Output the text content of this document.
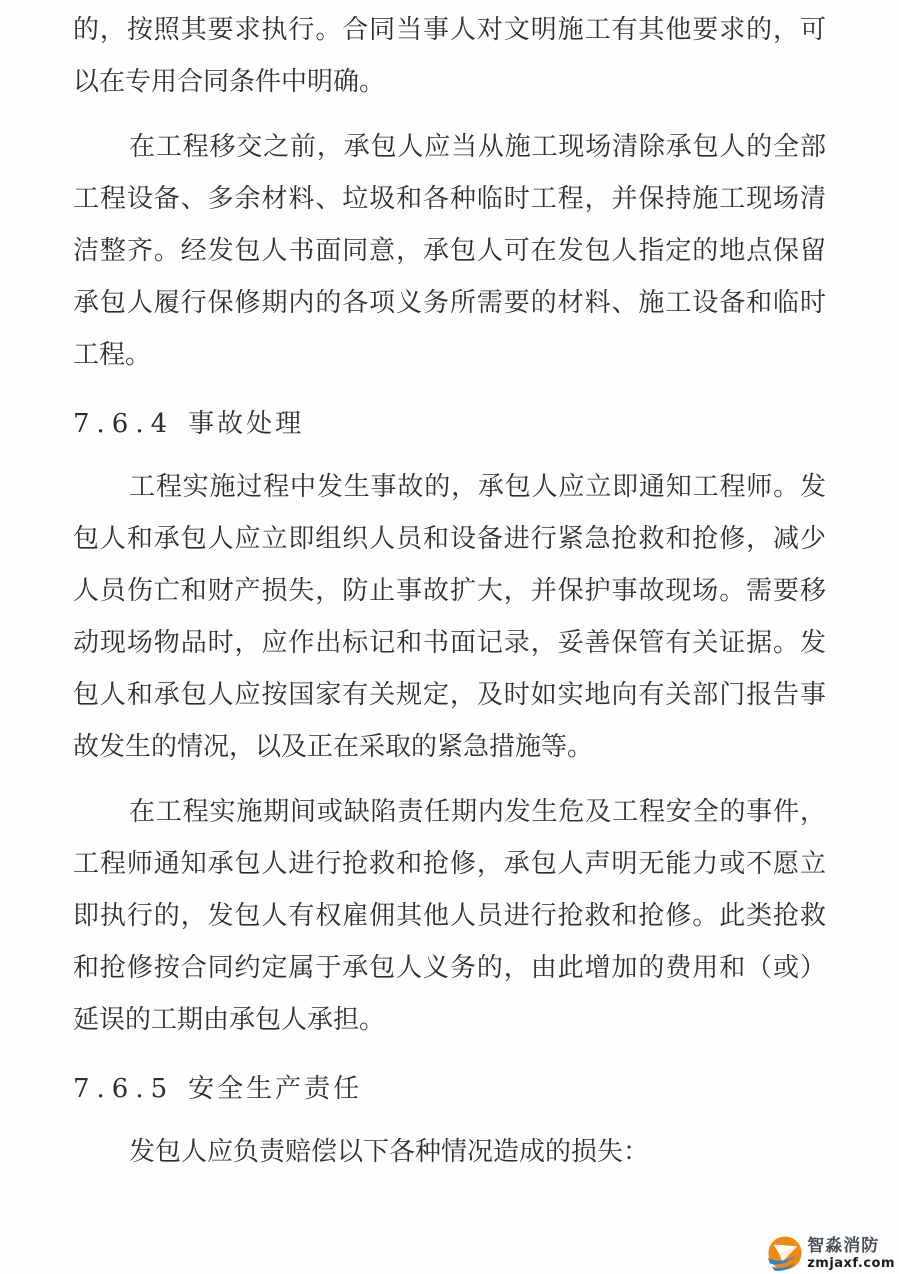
的，按照其要求执行。合同当事人对文明施工有其他要求的，可
以在专用合同条件中明确。
在工程移交之前，承包人应当从施工现场清除承包人的全部
工程设备、多余材料、垃圾和各种临时工程，并保持施工现场清
洁整齐。经发包人书面同意，承包人可在发包人指定的地点保留
承包人履行保修期内的各项义务所需要的材料、施工设备和临时
工程。
7.6.4 事故处理
工程实施过程中发生事故的，承包人应立即通知工程师。发
包人和承包人应立即组织人员和设备进行紧急抢救和抢修，减少
人员伤亡和财产损失，防止事故扩大，并保护事故现场。需要移
动现场物品时，应作出标记和书面记录，妥善保管有关证据。发
包人和承包人应按国家有关规定，及时如实地向有关部门报告事
故发生的情况，以及正在采取的紧急措施等。
在工程实施期间或缺陷责任期内发生危及工程安全的事件，
工程师通知承包人进行抢救和抢修，承包人声明无能力或不愿立
即执行的，发包人有权雇佣其他人员进行抢救和抢修。此类抢救
和抢修按合同约定属于承包人义务的，由此增加的费用和（或）
延误的工期由承包人承担。
7.6.5 安全生产责任
发包人应负责赔偿以下各种情况造成的损失：
智淼消防
zmjaxf.com
